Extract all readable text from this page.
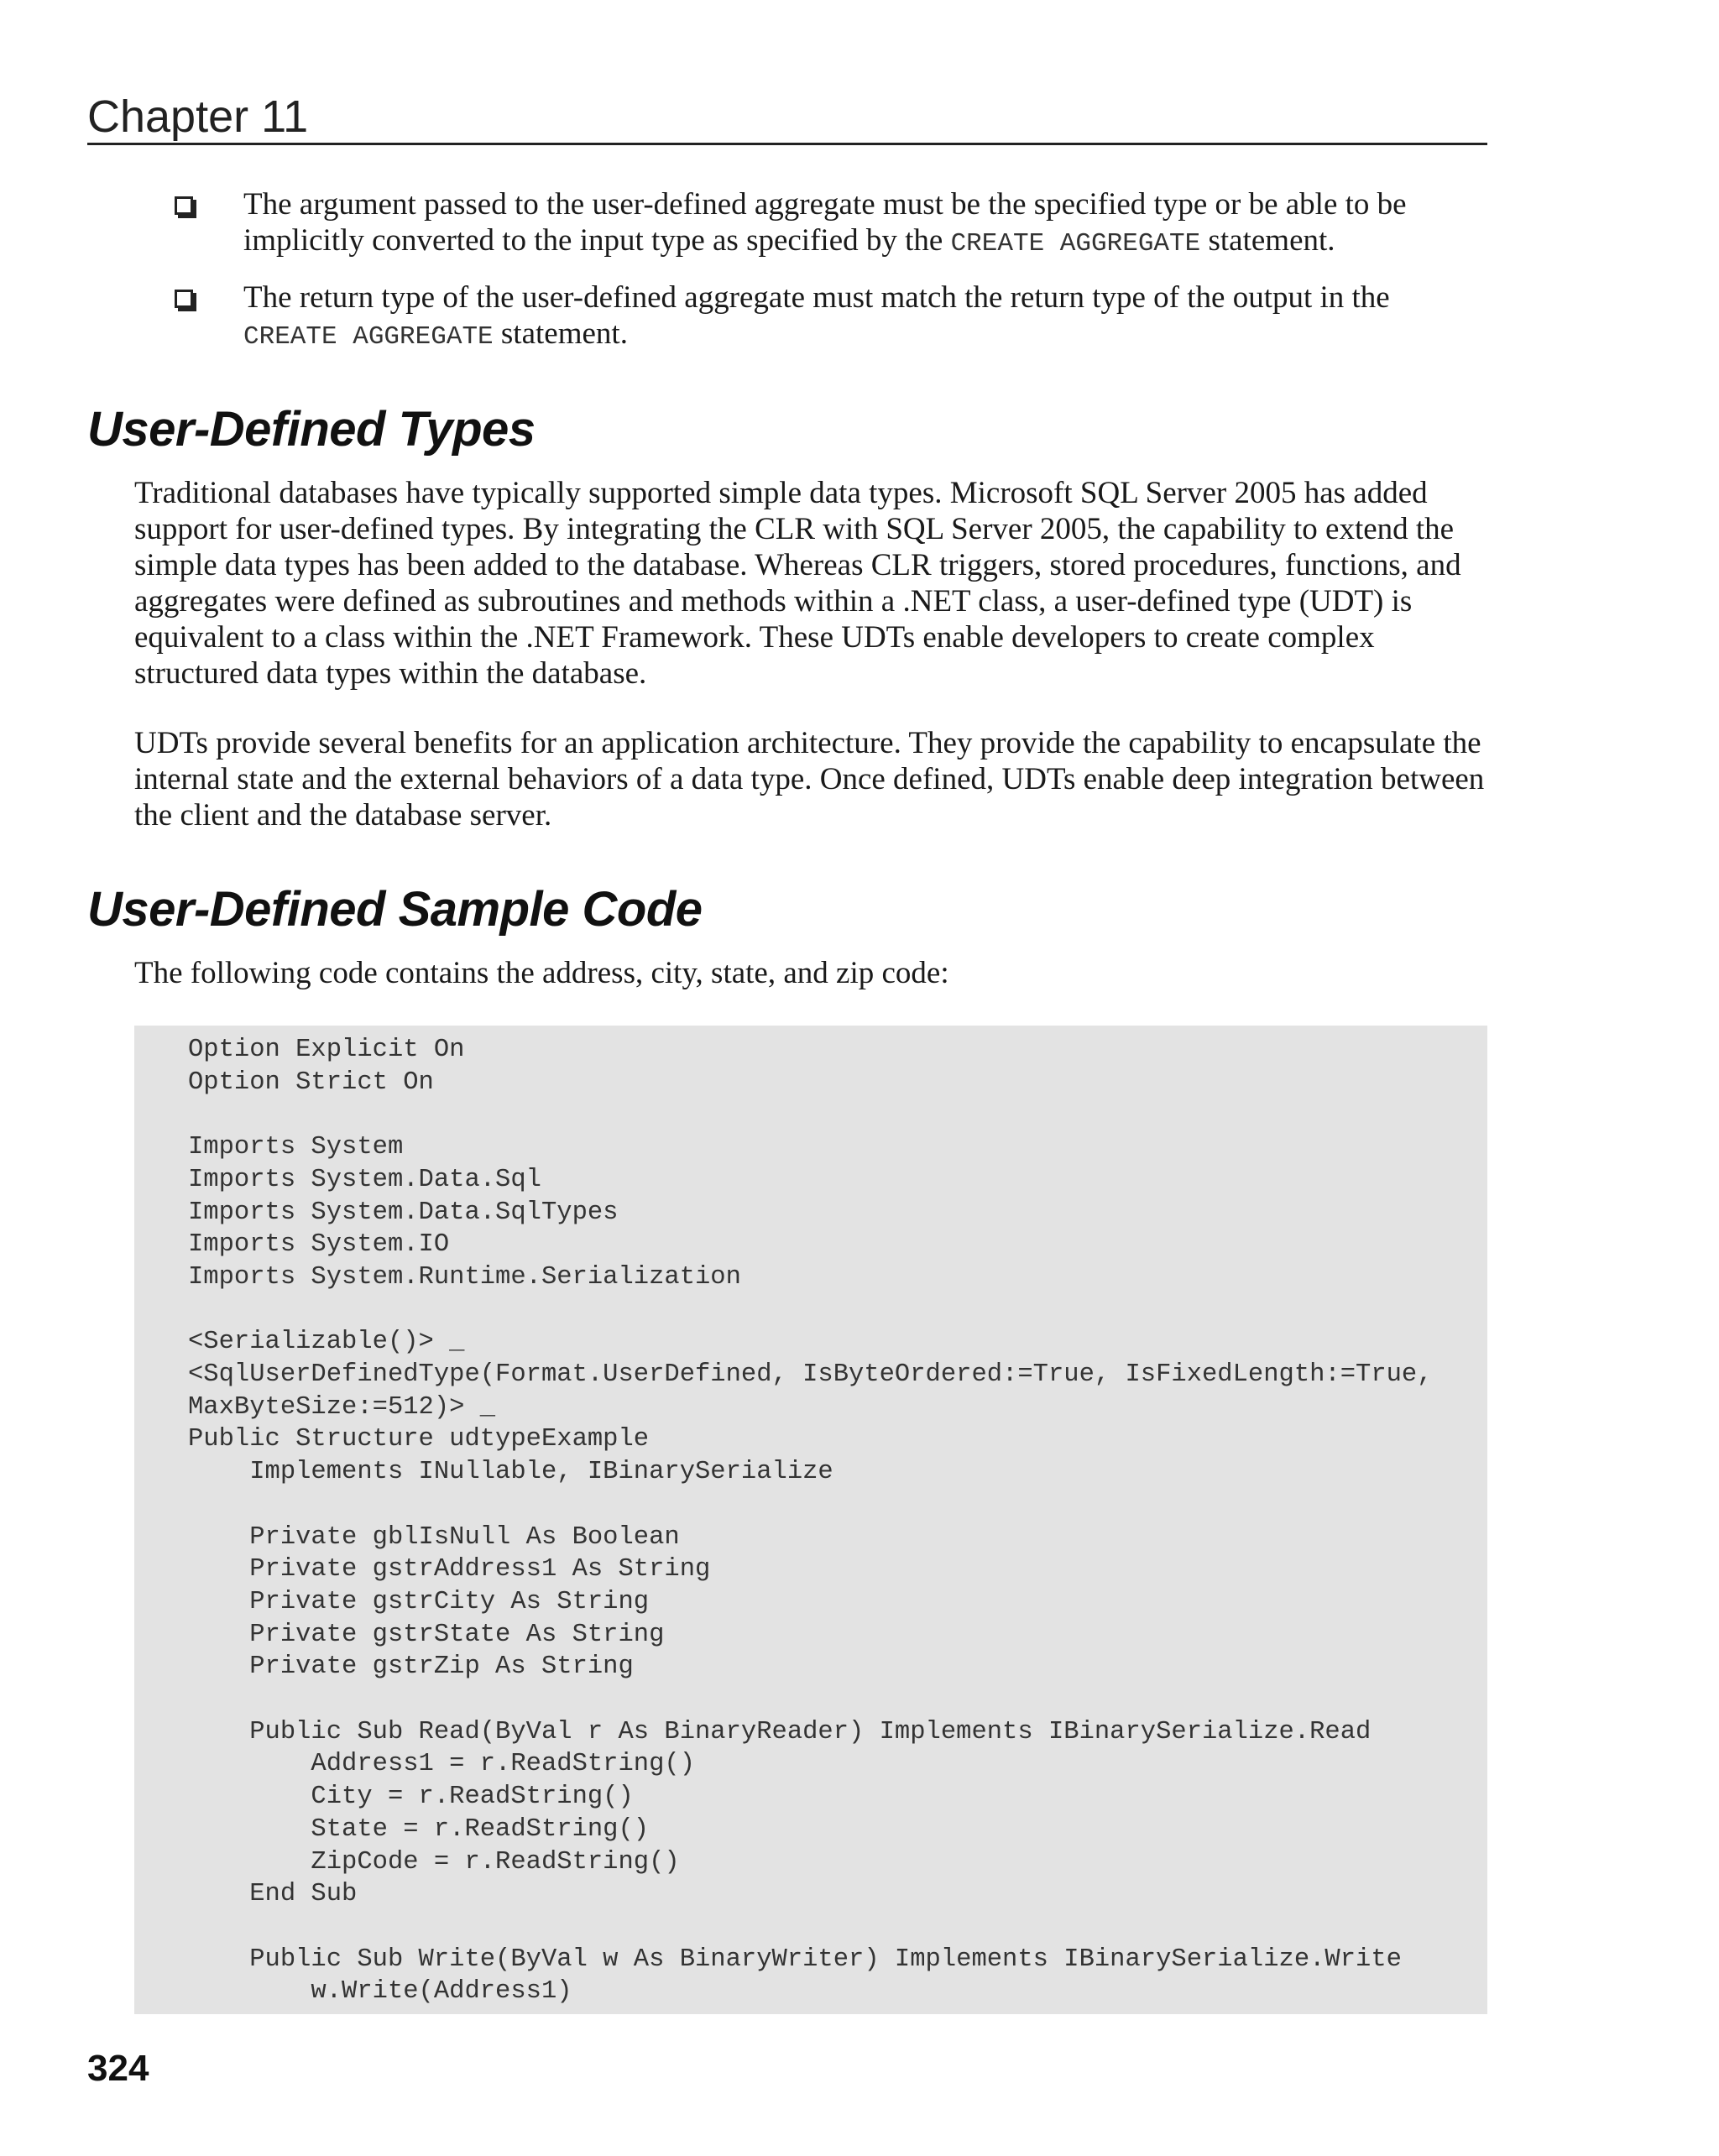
Chapter 11
The argument passed to the user-defined aggregate must be the specified type or be able to be implicitly converted to the input type as specified by the CREATE AGGREGATE statement.
The return type of the user-defined aggregate must match the return type of the output in the CREATE AGGREGATE statement.
User-Defined Types
Traditional databases have typically supported simple data types. Microsoft SQL Server 2005 has added support for user-defined types. By integrating the CLR with SQL Server 2005, the capability to extend the simple data types has been added to the database. Whereas CLR triggers, stored procedures, functions, and aggregates were defined as subroutines and methods within a .NET class, a user-defined type (UDT) is equivalent to a class within the .NET Framework. These UDTs enable developers to create complex structured data types within the database.
UDTs provide several benefits for an application architecture. They provide the capability to encapsulate the internal state and the external behaviors of a data type. Once defined, UDTs enable deep integration between the client and the database server.
User-Defined Sample Code
The following code contains the address, city, state, and zip code:
Option Explicit On
Option Strict On

Imports System
Imports System.Data.Sql
Imports System.Data.SqlTypes
Imports System.IO
Imports System.Runtime.Serialization

<Serializable()> _
<SqlUserDefinedType(Format.UserDefined, IsByteOrdered:=True, IsFixedLength:=True,
MaxByteSize:=512)> _
Public Structure udtypeExample
Implements INullable, IBinarySerialize

Private gblIsNull As Boolean
Private gstrAddress1 As String
Private gstrCity As String
Private gstrState As String
Private gstrZip As String

Public Sub Read(ByVal r As BinaryReader) Implements IBinarySerialize.Read
Address1 = r.ReadString()
City = r.ReadString()
State = r.ReadString()
ZipCode = r.ReadString()
End Sub

Public Sub Write(ByVal w As BinaryWriter) Implements IBinarySerialize.Write
w.Write(Address1)
324
